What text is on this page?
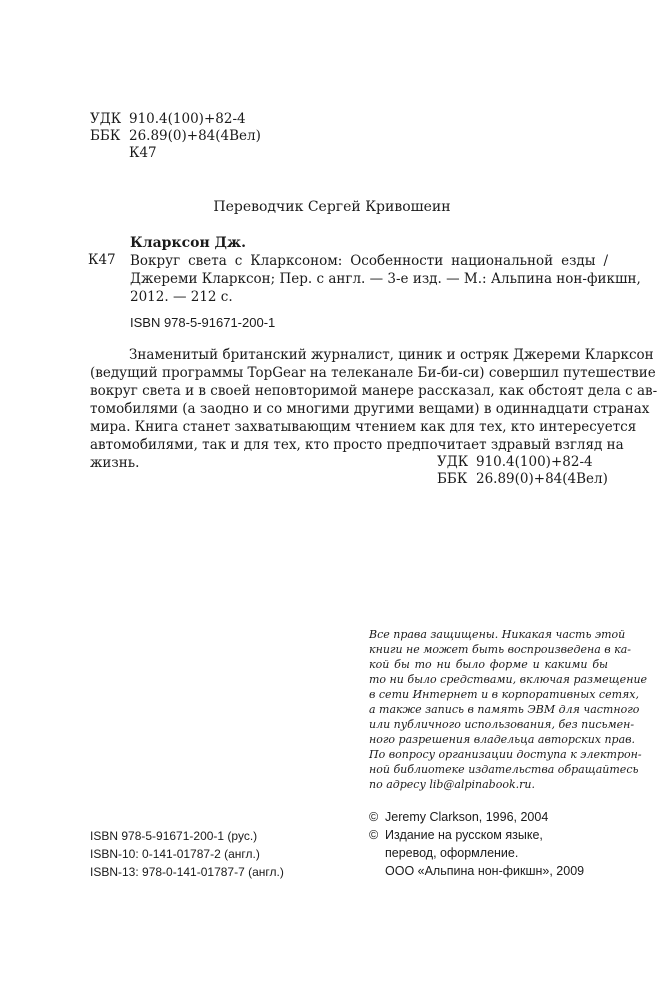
УДК 910.4(100)+82-4
ББК 26.89(0)+84(4Вел)
К47
Переводчик Сергей Кривошеин
Кларксон Дж.
К47 Вокруг света с Кларксоном: Особенности национальной езды /
Джереми Кларксон; Пер. с англ. — 3-е изд. — М.: Альпина нон-фикшн,
2012. — 212 с.
ISBN 978-5-91671-200-1
Знаменитый британский журналист, циник и остряк Джереми Кларксон
(ведущий программы TopGear на телеканале Би-би-си) совершил путешествие
вокруг света и в своей неповторимой манере рассказал, как обстоят дела с ав-
томобилями (а заодно и со многими другими вещами) в одиннадцати странах
мира. Книга станет захватывающим чтением как для тех, кто интересуется
автомобилями, так и для тех, кто просто предпочитает здравый взгляд на
жизнь.	УДК 910.4(100)+82-4
ББК 26.89(0)+84(4Вел)
Все права защищены. Никакая часть этой
книги не может быть воспроизведена в ка-
кой бы то ни было форме и какими бы
то ни было средствами, включая размещение
в сети Интернет и в корпоративных сетях,
а также запись в память ЭВМ для частного
или публичного использования, без письмен-
ного разрешения владельца авторских прав.
По вопросу организации доступа к электрон-
ной библиотеке издательства обращайтесь
по адресу lib@alpinabook.ru.
ISBN 978-5-91671-200-1 (рус.)
ISBN-10: 0-141-01787-2 (англ.)
ISBN-13: 978-0-141-01787-7 (англ.)
© Jeremy Clarkson, 1996, 2004
© Издание на русском языке,
перевод, оформление.
ООО «Альпина нон-фикшн», 2009
